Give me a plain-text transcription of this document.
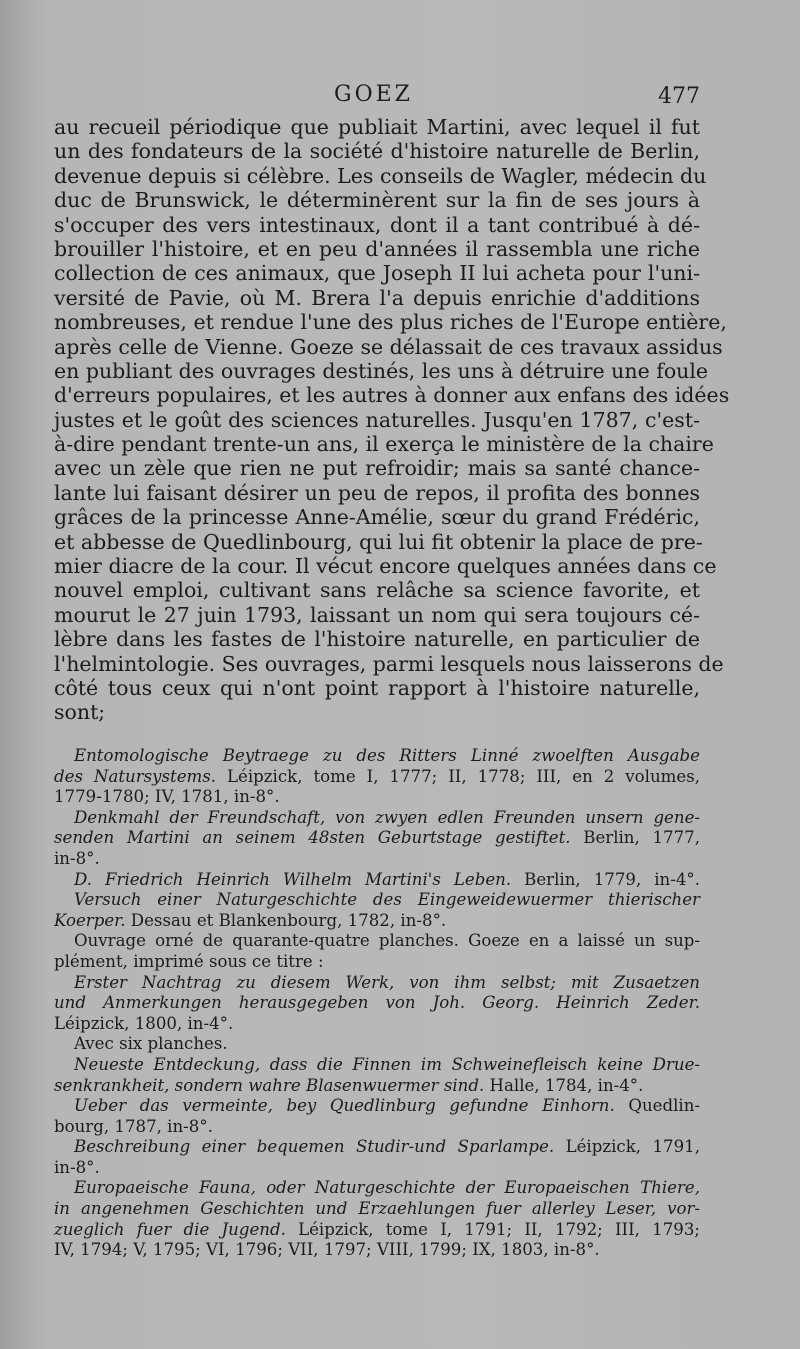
GOEZ	477
au recueil périodique que publiait Martini, avec lequel il fut
un des fondateurs de la société d'histoire naturelle de Berlin,
devenue depuis si célèbre. Les conseils de Wagler, médecin du
duc de Brunswick, le déterminèrent sur la fin de ses jours à
s'occuper des vers intestinaux, dont il a tant contribué à dé-
brouiller l'histoire, et en peu d'années il rassembla une riche
collection de ces animaux, que Joseph II lui acheta pour l'uni-
versité de Pavie, où M. Brera l'a depuis enrichie d'additions
nombreuses, et rendue l'une des plus riches de l'Europe entière,
après celle de Vienne. Goeze se délassait de ces travaux assidus
en publiant des ouvrages destinés, les uns à détruire une foule
d'erreurs populaires, et les autres à donner aux enfans des idées
justes et le goût des sciences naturelles. Jusqu'en 1787, c'est-
à-dire pendant trente-un ans, il exerça le ministère de la chaire
avec un zèle que rien ne put refroidir; mais sa santé chance-
lante lui faisant désirer un peu de repos, il profita des bonnes
grâces de la princesse Anne-Amélie, sœur du grand Frédéric,
et abbesse de Quedlinbourg, qui lui fit obtenir la place de pre-
mier diacre de la cour. Il vécut encore quelques années dans ce
nouvel emploi, cultivant sans relâche sa science favorite, et
mourut le 27 juin 1793, laissant un nom qui sera toujours cé-
lèbre dans les fastes de l'histoire naturelle, en particulier de
l'helmintologie. Ses ouvrages, parmi lesquels nous laisserons de
côté tous ceux qui n'ont point rapport à l'histoire naturelle,
sont;
Entomologische Beytraege zu des Ritters Linné zwoelften Ausgabe
des Natursystems. Léipzick, tome I, 1777; II, 1778; III, en 2 volumes,
1779-1780; IV, 1781, in-8°.
Denkmahl der Freundschaft, von zwyen edlen Freunden unsern gene-
senden Martini an seinem 48sten Geburtstage gestiftet. Berlin, 1777,
in-8°.
D. Friedrich Heinrich Wilhelm Martini's Leben. Berlin, 1779, in-4°.
Versuch einer Naturgeschichte des Eingeweidewuermer thierischer
Koerper. Dessau et Blankenbourg, 1782, in-8°.
Ouvrage orné de quarante-quatre planches. Goeze en a laissé un sup-
plément, imprimé sous ce titre :
Erster Nachtrag zu diesem Werk, von ihm selbst; mit Zusaetzen
und Anmerkungen herausgegeben von Joh. Georg. Heinrich Zeder.
Léipzick, 1800, in-4°.
Avec six planches.
Neueste Entdeckung, dass die Finnen im Schweinefleisch keine Drue-
senkrankheit, sondern wahre Blasenwuermer sind. Halle, 1784, in-4°.
Ueber das vermeinte, bey Quedlinburg gefundne Einhorn. Quedlin-
bourg, 1787, in-8°.
Beschreibung einer bequemen Studir-und Sparlampe. Léipzick, 1791,
in-8°.
Europaeische Fauna, oder Naturgeschichte der Europaeischen Thiere,
in angenehmen Geschichten und Erzaehlungen fuer allerley Leser, vor-
zueglich fuer die Jugend. Léipzick, tome I, 1791; II, 1792; III, 1793;
IV, 1794; V, 1795; VI, 1796; VII, 1797; VIII, 1799; IX, 1803, in-8°.
